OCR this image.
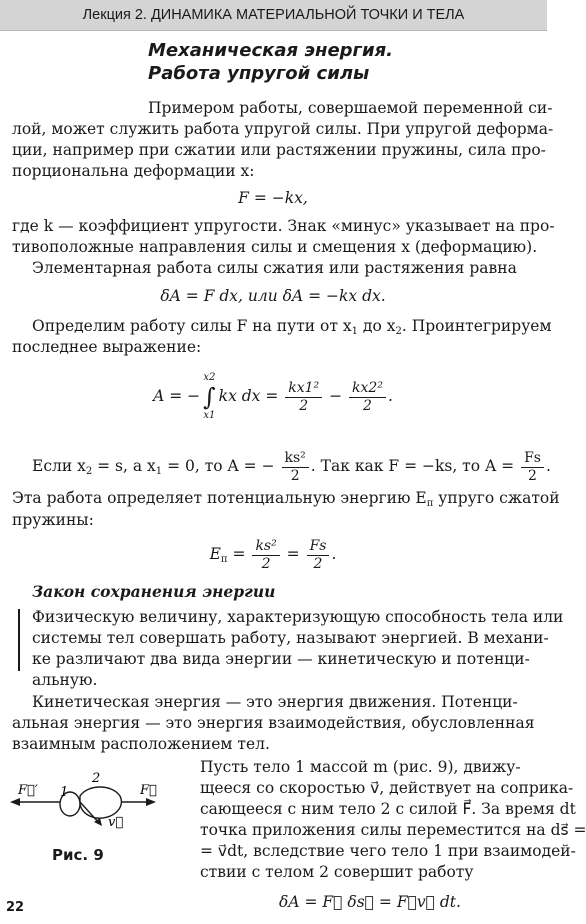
Лекция 2. ДИНАМИКА МАТЕРИАЛЬНОЙ ТОЧКИ И ТЕЛА
Механическая энергия.
Работа упругой силы
Примером работы, совершаемой переменной си-
лой, может служить работа упругой силы. При упругой деформа-
ции, например при сжатии или растяжении пружины, сила про-
порциональна деформации x:
F = −kx,
где k — коэффициент упругости. Знак «минус» указывает на про-
тивоположные направления силы и смещения x (деформацию).
Элементарная работа силы сжатия или растяжения равна
δA = F dx, или δA = −kx dx.
Определим работу силы F на пути от $x_1$ до $x_2$. Проинтегрируем
последнее выражение:
A = −
x2
∫
x1
kx dx = $\frac{\text{kx1²}}{2} - \frac{\text{kx2²}}{2}$ .
Если $x_2 = s$, а $x_1 = 0$, то A = − $\frac{\text{ks²}}{2}$ . Так как F = −ks, то $A = \frac{Fs}{2}$ .
Эта работа определяет потенциальную энергию $E_п$ упруго сжатой
пружины:
$E_п = \frac{\text{ks²}}{2} = \frac{Fs}{2}$ .
Закон сохранения энергии
Физическую величину, характеризующую способность тела или
системы тел совершать работу, называют энергией. В механи-
ке различают два вида энергии — кинетическую и потенци-
альную.
Кинетическая энергия — это энергия движения. Потенци-
альная энергия — это энергия взаимодействия, обусловленная
взаимным расположением тел.
Пусть тело 1 массой m (рис. 9), движу-
щееся со скоростью v⃗, действует на соприка-
сающееся с ним тело 2 с силой F⃗. За время dt
точка приложения силы переместится на ds⃗ =
= v⃗dt, вследствие чего тело 1 при взаимодей-
ствии с телом 2 совершит работу
δA = F⃗ δs⃗ = F⃗v⃗ dt.
F⃗′	F⃗
1
2
v⃗
Рис. 9
22
